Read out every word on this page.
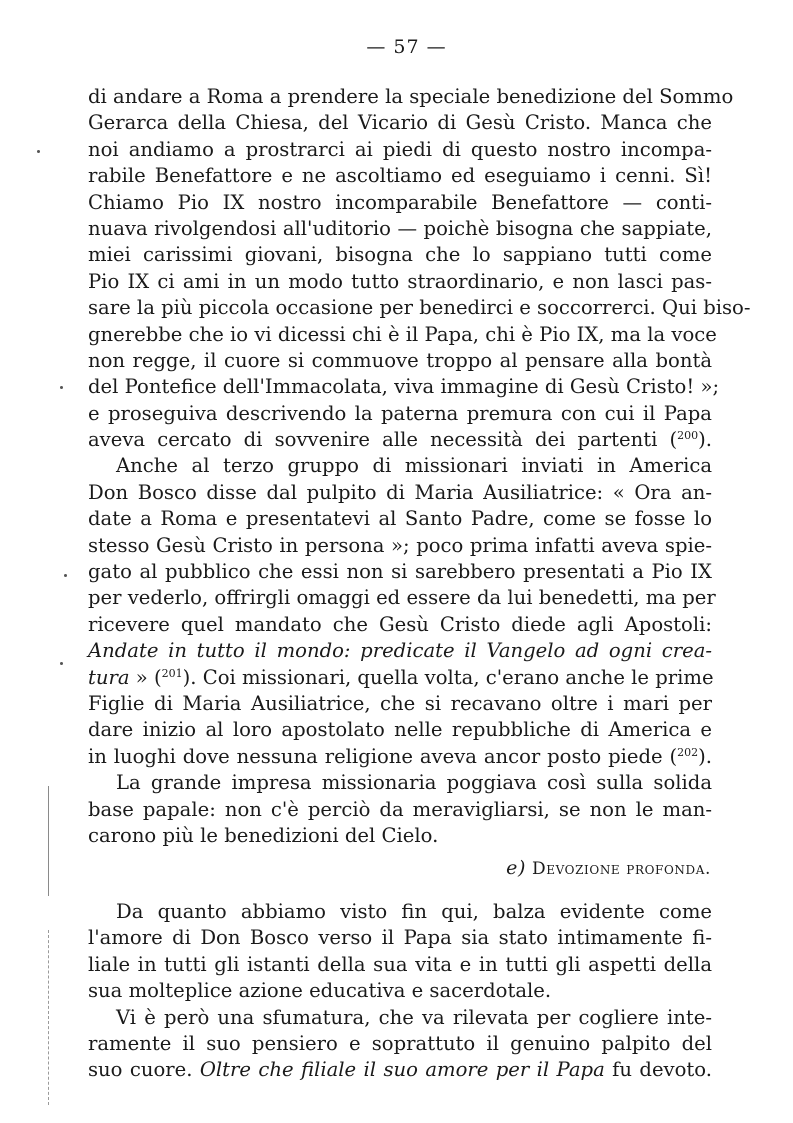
— 57 —
di andare a Roma a prendere la speciale benedizione del Sommo
Gerarca della Chiesa, del Vicario di Gesù Cristo. Manca che
noi andiamo a prostrarci ai piedi di questo nostro incompa-
rabile Benefattore e ne ascoltiamo ed eseguiamo i cenni. Sì!
Chiamo Pio IX nostro incomparabile Benefattore — conti-
nuava rivolgendosi all'uditorio — poichè bisogna che sappiate,
miei carissimi giovani, bisogna che lo sappiano tutti come
Pio IX ci ami in un modo tutto straordinario, e non lasci pas-
sare la più piccola occasione per benedirci e soccorrerci. Qui biso-
gnerebbe che io vi dicessi chi è il Papa, chi è Pio IX, ma la voce
non regge, il cuore si commuove troppo al pensare alla bontà
del Pontefice dell'Immacolata, viva immagine di Gesù Cristo! »;
e proseguiva descrivendo la paterna premura con cui il Papa
aveva cercato di sovvenire alle necessità dei partenti ($^{200}$).
Anche al terzo gruppo di missionari inviati in America
Don Bosco disse dal pulpito di Maria Ausiliatrice: « Ora an-
date a Roma e presentatevi al Santo Padre, come se fosse lo
stesso Gesù Cristo in persona »; poco prima infatti aveva spie-
gato al pubblico che essi non si sarebbero presentati a Pio IX
per vederlo, offrirgli omaggi ed essere da lui benedetti, ma per
ricevere quel mandato che Gesù Cristo diede agli Apostoli:
Andate in tutto il mondo: predicate il Vangelo ad ogni crea-
tura » ($^{201}$). Coi missionari, quella volta, c'erano anche le prime
Figlie di Maria Ausiliatrice, che si recavano oltre i mari per
dare inizio al loro apostolato nelle repubbliche di America e
in luoghi dove nessuna religione aveva ancor posto piede ($^{202}$).
La grande impresa missionaria poggiava così sulla solida
base papale: non c'è perciò da meravigliarsi, se non le man-
carono più le benedizioni del Cielo.
e) Devozione profonda.
Da quanto abbiamo visto fin qui, balza evidente come
l'amore di Don Bosco verso il Papa sia stato intimamente fi-
liale in tutti gli istanti della sua vita e in tutti gli aspetti della
sua molteplice azione educativa e sacerdotale.
Vi è però una sfumatura, che va rilevata per cogliere inte-
ramente il suo pensiero e soprattuto il genuino palpito del
suo cuore. Oltre che filiale il suo amore per il Papa fu devoto.
